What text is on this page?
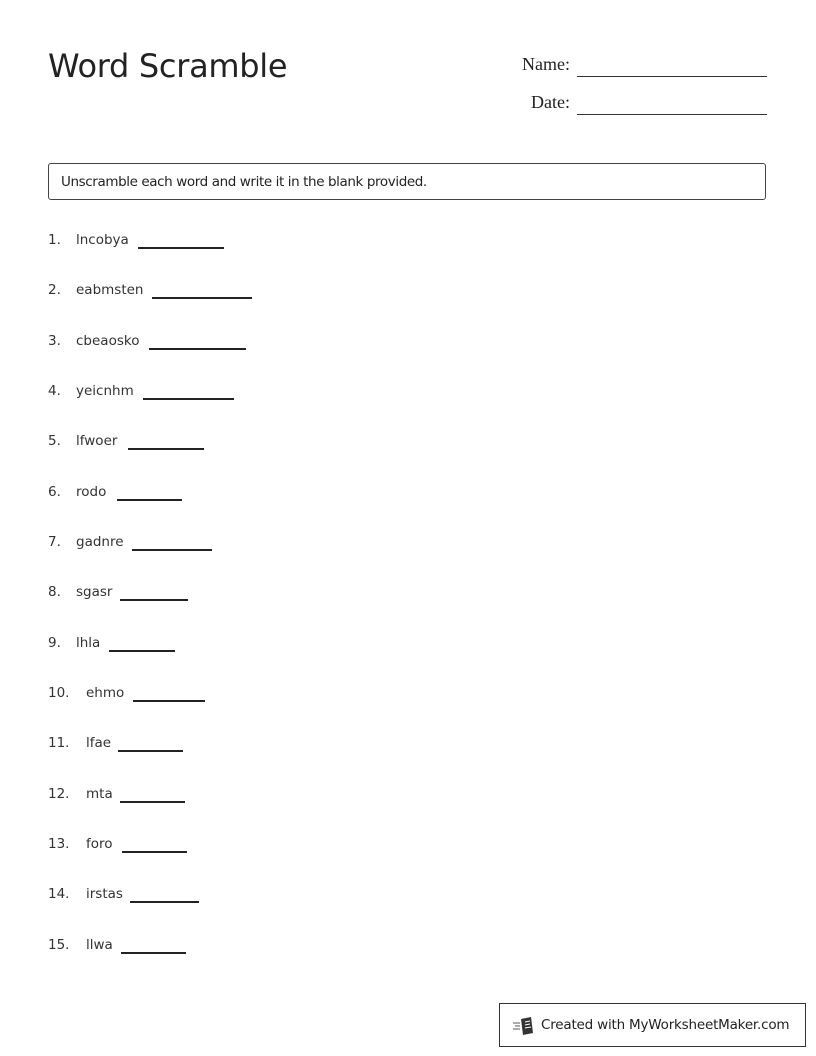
Word Scramble	Name:
Date:
Unscramble each word and write it in the blank provided.
1. lncobya
2. eabmsten
3. cbeaosko
4. yeicnhm
5. lfwoer
6. rodo
7. gadnre
8. sgasr
9. lhla
10. ehmo
11. lfae
12. mta
13. foro
14. irstas
15. llwa
Created with MyWorksheetMaker.com
